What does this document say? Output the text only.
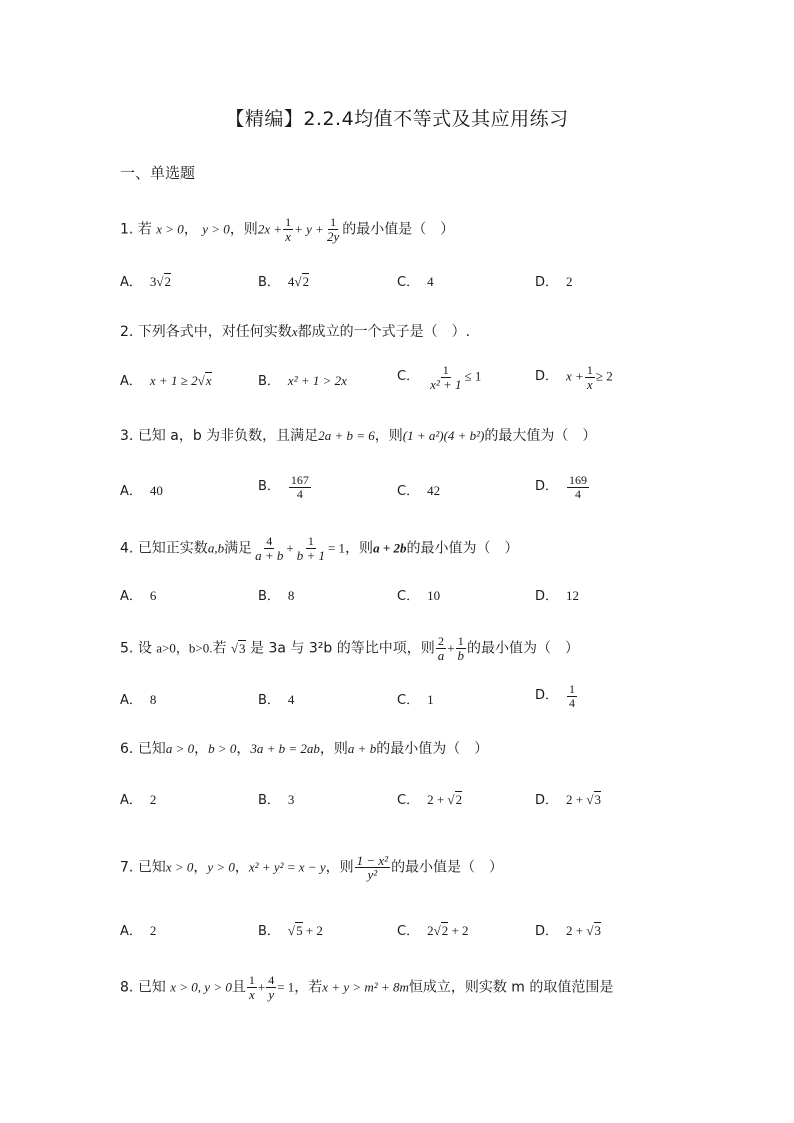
【精编】2.2.4均值不等式及其应用练习
一、单选题
1. 若 x > 0， y > 0，则$2x + \frac{1}{x} + y + \frac{1}{2y}$ 的最小值是（　）
A． 3√2	B． 4√2	C． 4	D． 2
2. 下列各式中，对任何实数x都成立的一个式子是（　）.
A． x + 1 ≥ 2√x	B． x² + 1 > 2x	C． $\frac{1}{\text{x² + 1}} \le 1$	D． $x + \frac{1}{x} \ge 2$
3. 已知 a，b 为非负数，且满足2a + b = 6，则(1 + a²)(4 + b²)的最大值为（　）
A． 40	B． $\frac{167}{4}$	C． 42	D． $\frac{169}{4}$
4. 已知正实数a,b满足 $\frac{4}{a + b} + \frac{1}{b + 1} = 1$，则a + 2b的最小值为（　）
A． 6	B． 8	C． 10	D． 12
5. 设 a>0，b>0.若 √3 是 3a 与 3²b 的等比中项，则 $\frac{2}{a} + \frac{1}{b}$ 的最小值为（　）
A． 8	B． 4	C． 1	D． $\frac{1}{4}$
6. 已知a > 0，b > 0，3a + b = 2ab，则a + b的最小值为（　）
A． 2	B． 3	C． 2 + √2	D． 2 + √3
7. 已知x > 0，y > 0，x² + y² = x − y，则 $\frac{\text{1 − x²}}{\text{y²}}$ 的最小值是（　）
A． 2	B． √5 + 2	C． 2√2 + 2	D． 2 + √3
8. 已知 x > 0, y > 0且 $\frac{1}{x} + \frac{4}{y} = 1$，若x + y > m² + 8m恒成立，则实数 m 的取值范围是
